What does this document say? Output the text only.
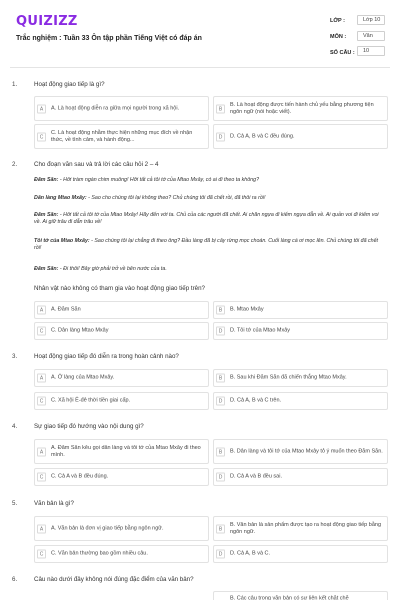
QUIZIZZ
Trắc nghiệm : Tuần 33 Ôn tập phần Tiếng Việt có đáp án
LỚP :	Lớp 10
MÔN :	Văn
SỐ CÂU :	10
1.	Hoạt động giao tiếp là gì?
A	A. Là hoạt động diễn ra giữa mọi người trong xã hội.	B
B. Là hoạt động được tiến hành chủ yếu bằng phương tiện ngôn ngữ (nói hoặc viết).
C
C. Là hoạt động nhằm thực hiện những mục đích về nhận thức, về tình cảm, và hành động...	D	D. Cả A, B và C đều đúng.
2.	Cho đoạn văn sau và trả lời các câu hỏi 2 – 4
Đăm Săn: - Hỡi tràm ngàn chim muông! Hỡi tất cả tôi tớ của Mtao Mxây, có ai đi theo ta không?
Dân làng Mtao Mxây: - Sao cho chúng tôi lại không theo? Chủ chúng tôi đã chết rồi, đã thôi ra rồi!
Đăm Săn: - Hỡi tất cả tôi tớ của Mtao Mxây! Hãy đến với ta. Chủ của các người đã chết. Ai chăn ngựa đi kiếm ngựa dẫn về. Ai quản voi đi kiếm voi về. Ai giữ trâu đi dẫn trâu về!
Tôi tớ của Mtao Mxây: - Sao chúng tôi lại chẳng đi theo ông? Đầu làng đã bị cây rừng mọc choán. Cuối làng cá ơi mọc lên. Chủ chúng tôi đã chết rồi!
Đăm Săn: - Đi thôi! Bây giờ phải trở về bên nước của ta.
Nhân vật nào không có tham gia vào hoạt động giao tiếp trên?
A	A. Đăm Săn	B	B. Mtao Mxây
C	C. Dân làng Mtao Mxây	D	D. Tôi tớ của Mtao Mxây
3.	Hoạt động giao tiếp đó diễn ra trong hoàn cảnh nào?
A	A. Ở làng của Mtao Mxây.	B	B. Sau khi Đăm Săn đã chiến thắng Mtao Mxây.
C	C. Xã hội Ê-đê thời tiền giai cấp.	D	D. Cả A, B và C trên.
4.	Sự giao tiếp đó hướng vào nội dung gì?
A
A. Đăm Săn kêu gọi dân làng và tôi tớ của Mtao Mxây đi theo mình.	B	B. Dân làng và tôi tớ của Mtao Mxây tỏ ý muốn theo Đăm Săn.
C	C. Cả A và B đều đúng.	D	D. Cả A và B đều sai.
5.	Văn bản là gì?
A	A. Văn bản là đơn vị giao tiếp bằng ngôn ngữ.	B
B. Văn bản là sản phẩm được tạo ra hoạt động giao tiếp bằng ngôn ngữ.
C	C. Văn bản thường bao gồm nhiều câu.	D	D. Cả A, B và C.
6.	Câu nào dưới đây không nói đúng đặc điểm của văn bản?
B. Các câu trong văn bản có sự liên kết chặt chẽ
